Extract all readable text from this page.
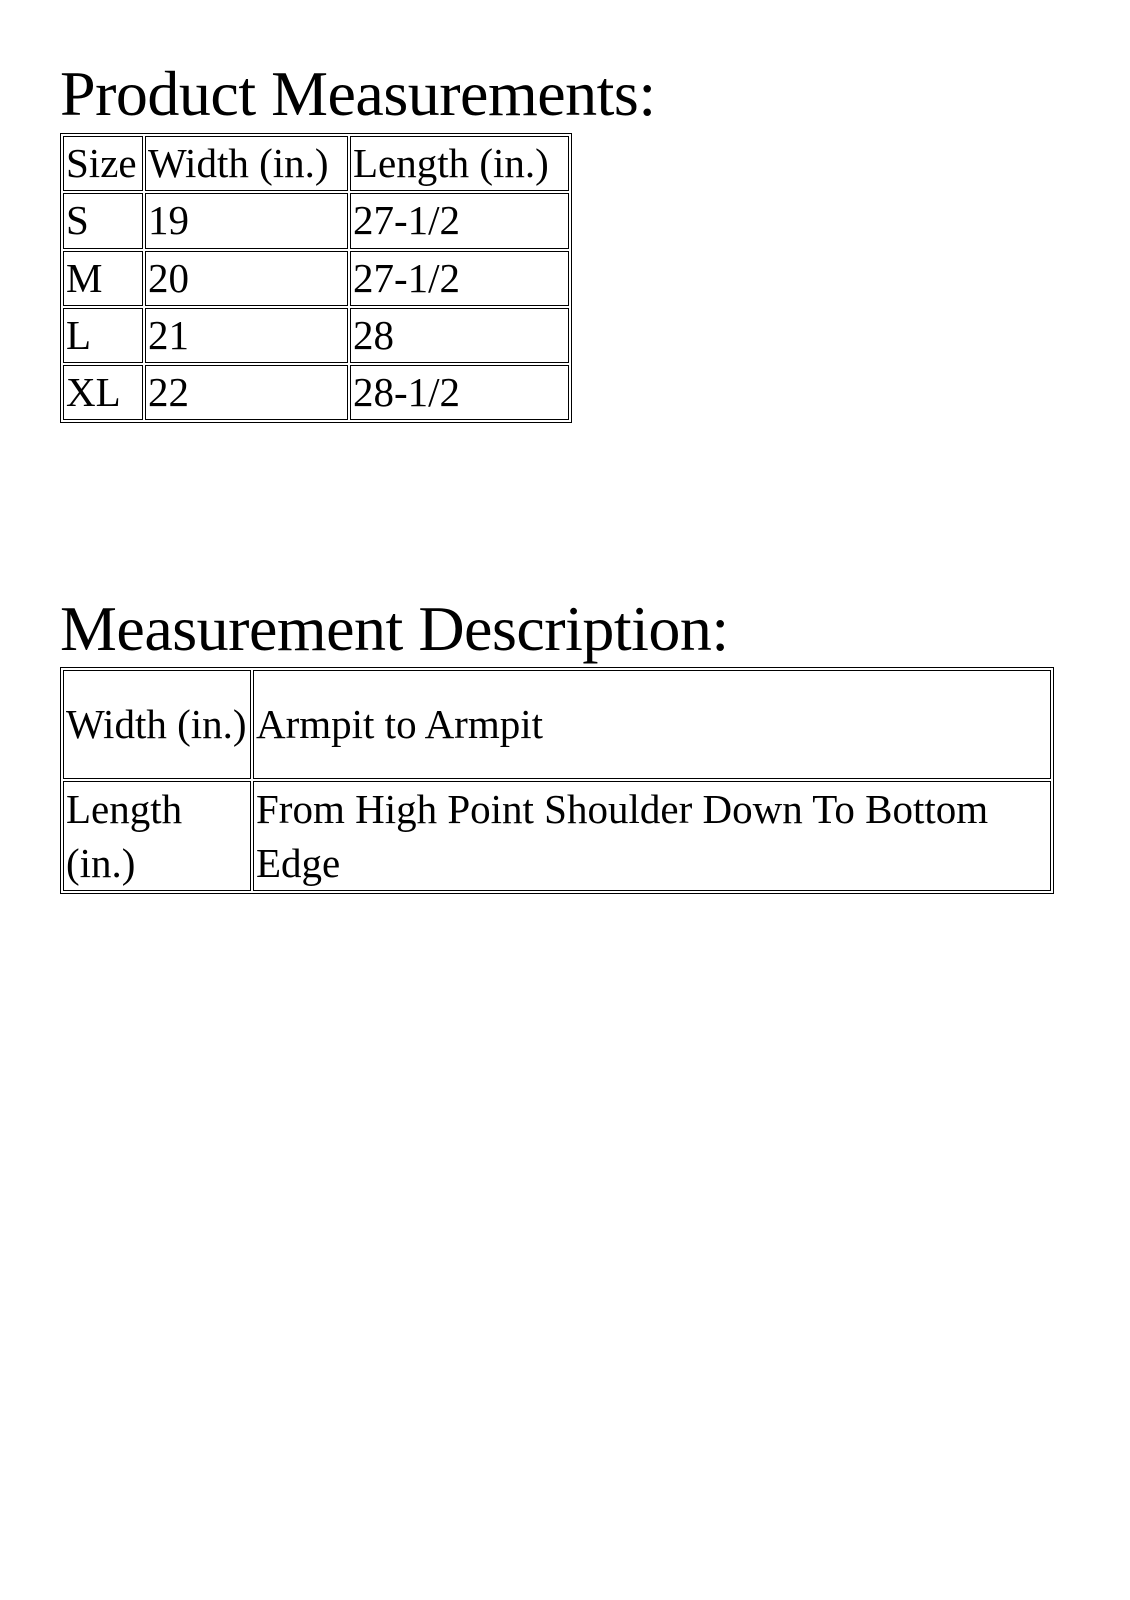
Product Measurements:
Size	Width (in.)	Length (in.)
S	19	27-1/2
M	20	27-1/2
L	21	28
XL	22	28-1/2
Measurement Description:
Width (in.)	Armpit to Armpit
Length (in.)	From High Point Shoulder Down To Bottom Edge
